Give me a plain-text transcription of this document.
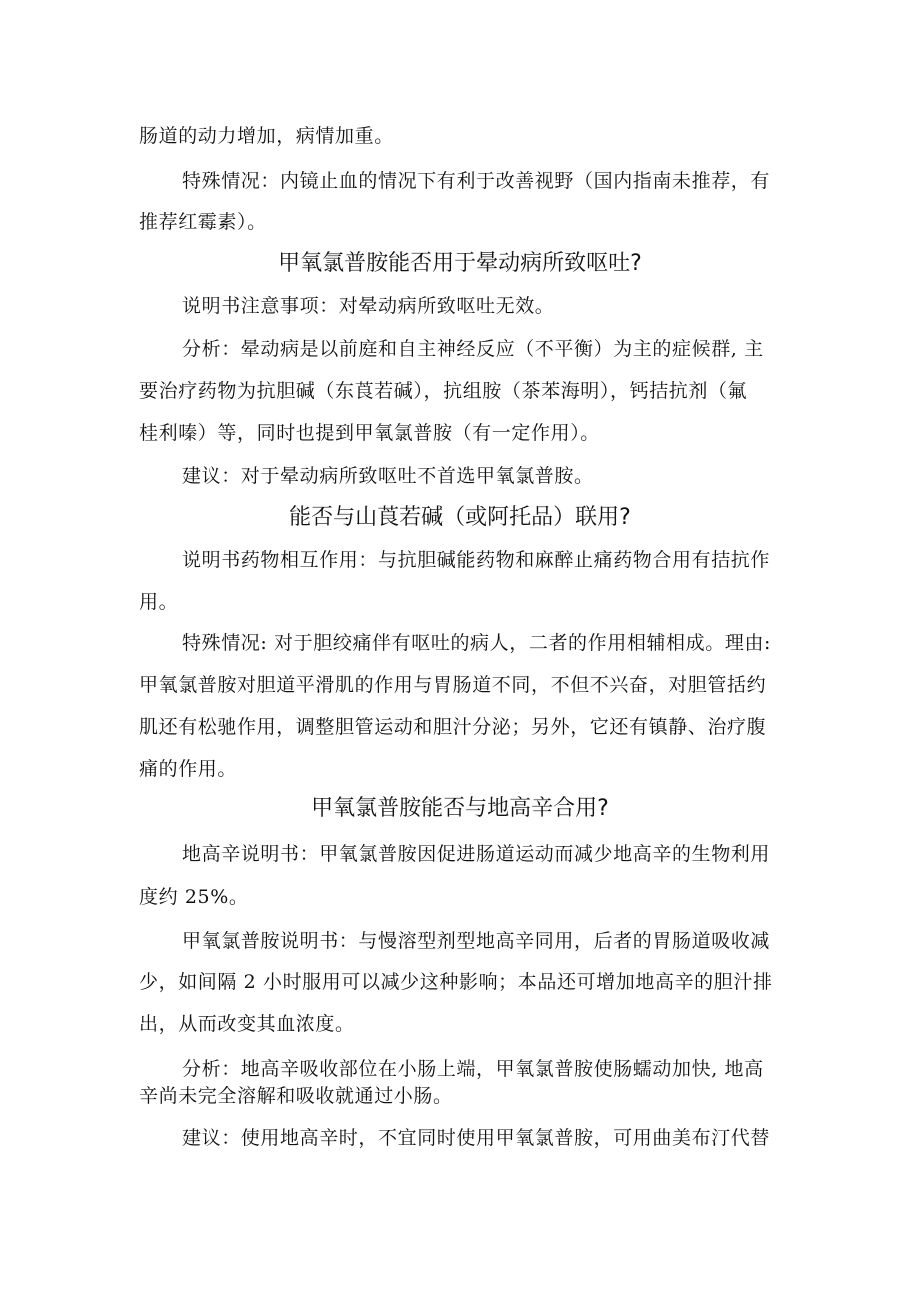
肠道的动力增加，病情加重。

特殊情况：内镜止血的情况下有利于改善视野（国内指南未推荐，有

推荐红霉素）。

甲氧氯普胺能否用于晕动病所致呕吐?

说明书注意事项：对晕动病所致呕吐无效。

分析：晕动病是以前庭和自主神经反应（不平衡）为主的症候群, 主

要治疗药物为抗胆碱（东莨若碱），抗组胺（茶苯海明），钙拮抗剂（氟

桂利嗪）等，同时也提到甲氧氯普胺（有一定作用）。

建议：对于晕动病所致呕吐不首选甲氧氯普胺。

能否与山莨若碱（或阿托品）联用?

说明书药物相互作用：与抗胆碱能药物和麻醉止痛药物合用有拮抗作

用。

特殊情况: 对于胆绞痛伴有呕吐的病人，二者的作用相辅相成。理由:

甲氧氯普胺对胆道平滑肌的作用与胃肠道不同，不但不兴奋，对胆管括约

肌还有松驰作用，调整胆管运动和胆汁分泌；另外，它还有镇静、治疗腹

痛的作用。

甲氧氯普胺能否与地高辛合用?

地高辛说明书：甲氧氯普胺因促进肠道运动而减少地高辛的生物利用

度约 25%。

甲氧氯普胺说明书：与慢溶型剂型地高辛同用，后者的胃肠道吸收减

少，如间隔 2 小时服用可以减少这种影响；本品还可增加地高辛的胆汁排

出，从而改变其血浓度。

分析：地高辛吸收部位在小肠上端，甲氧氯普胺使肠蠕动加快, 地高

辛尚未完全溶解和吸收就通过小肠。

建议：使用地高辛时，不宜同时使用甲氧氯普胺，可用曲美布汀代替
